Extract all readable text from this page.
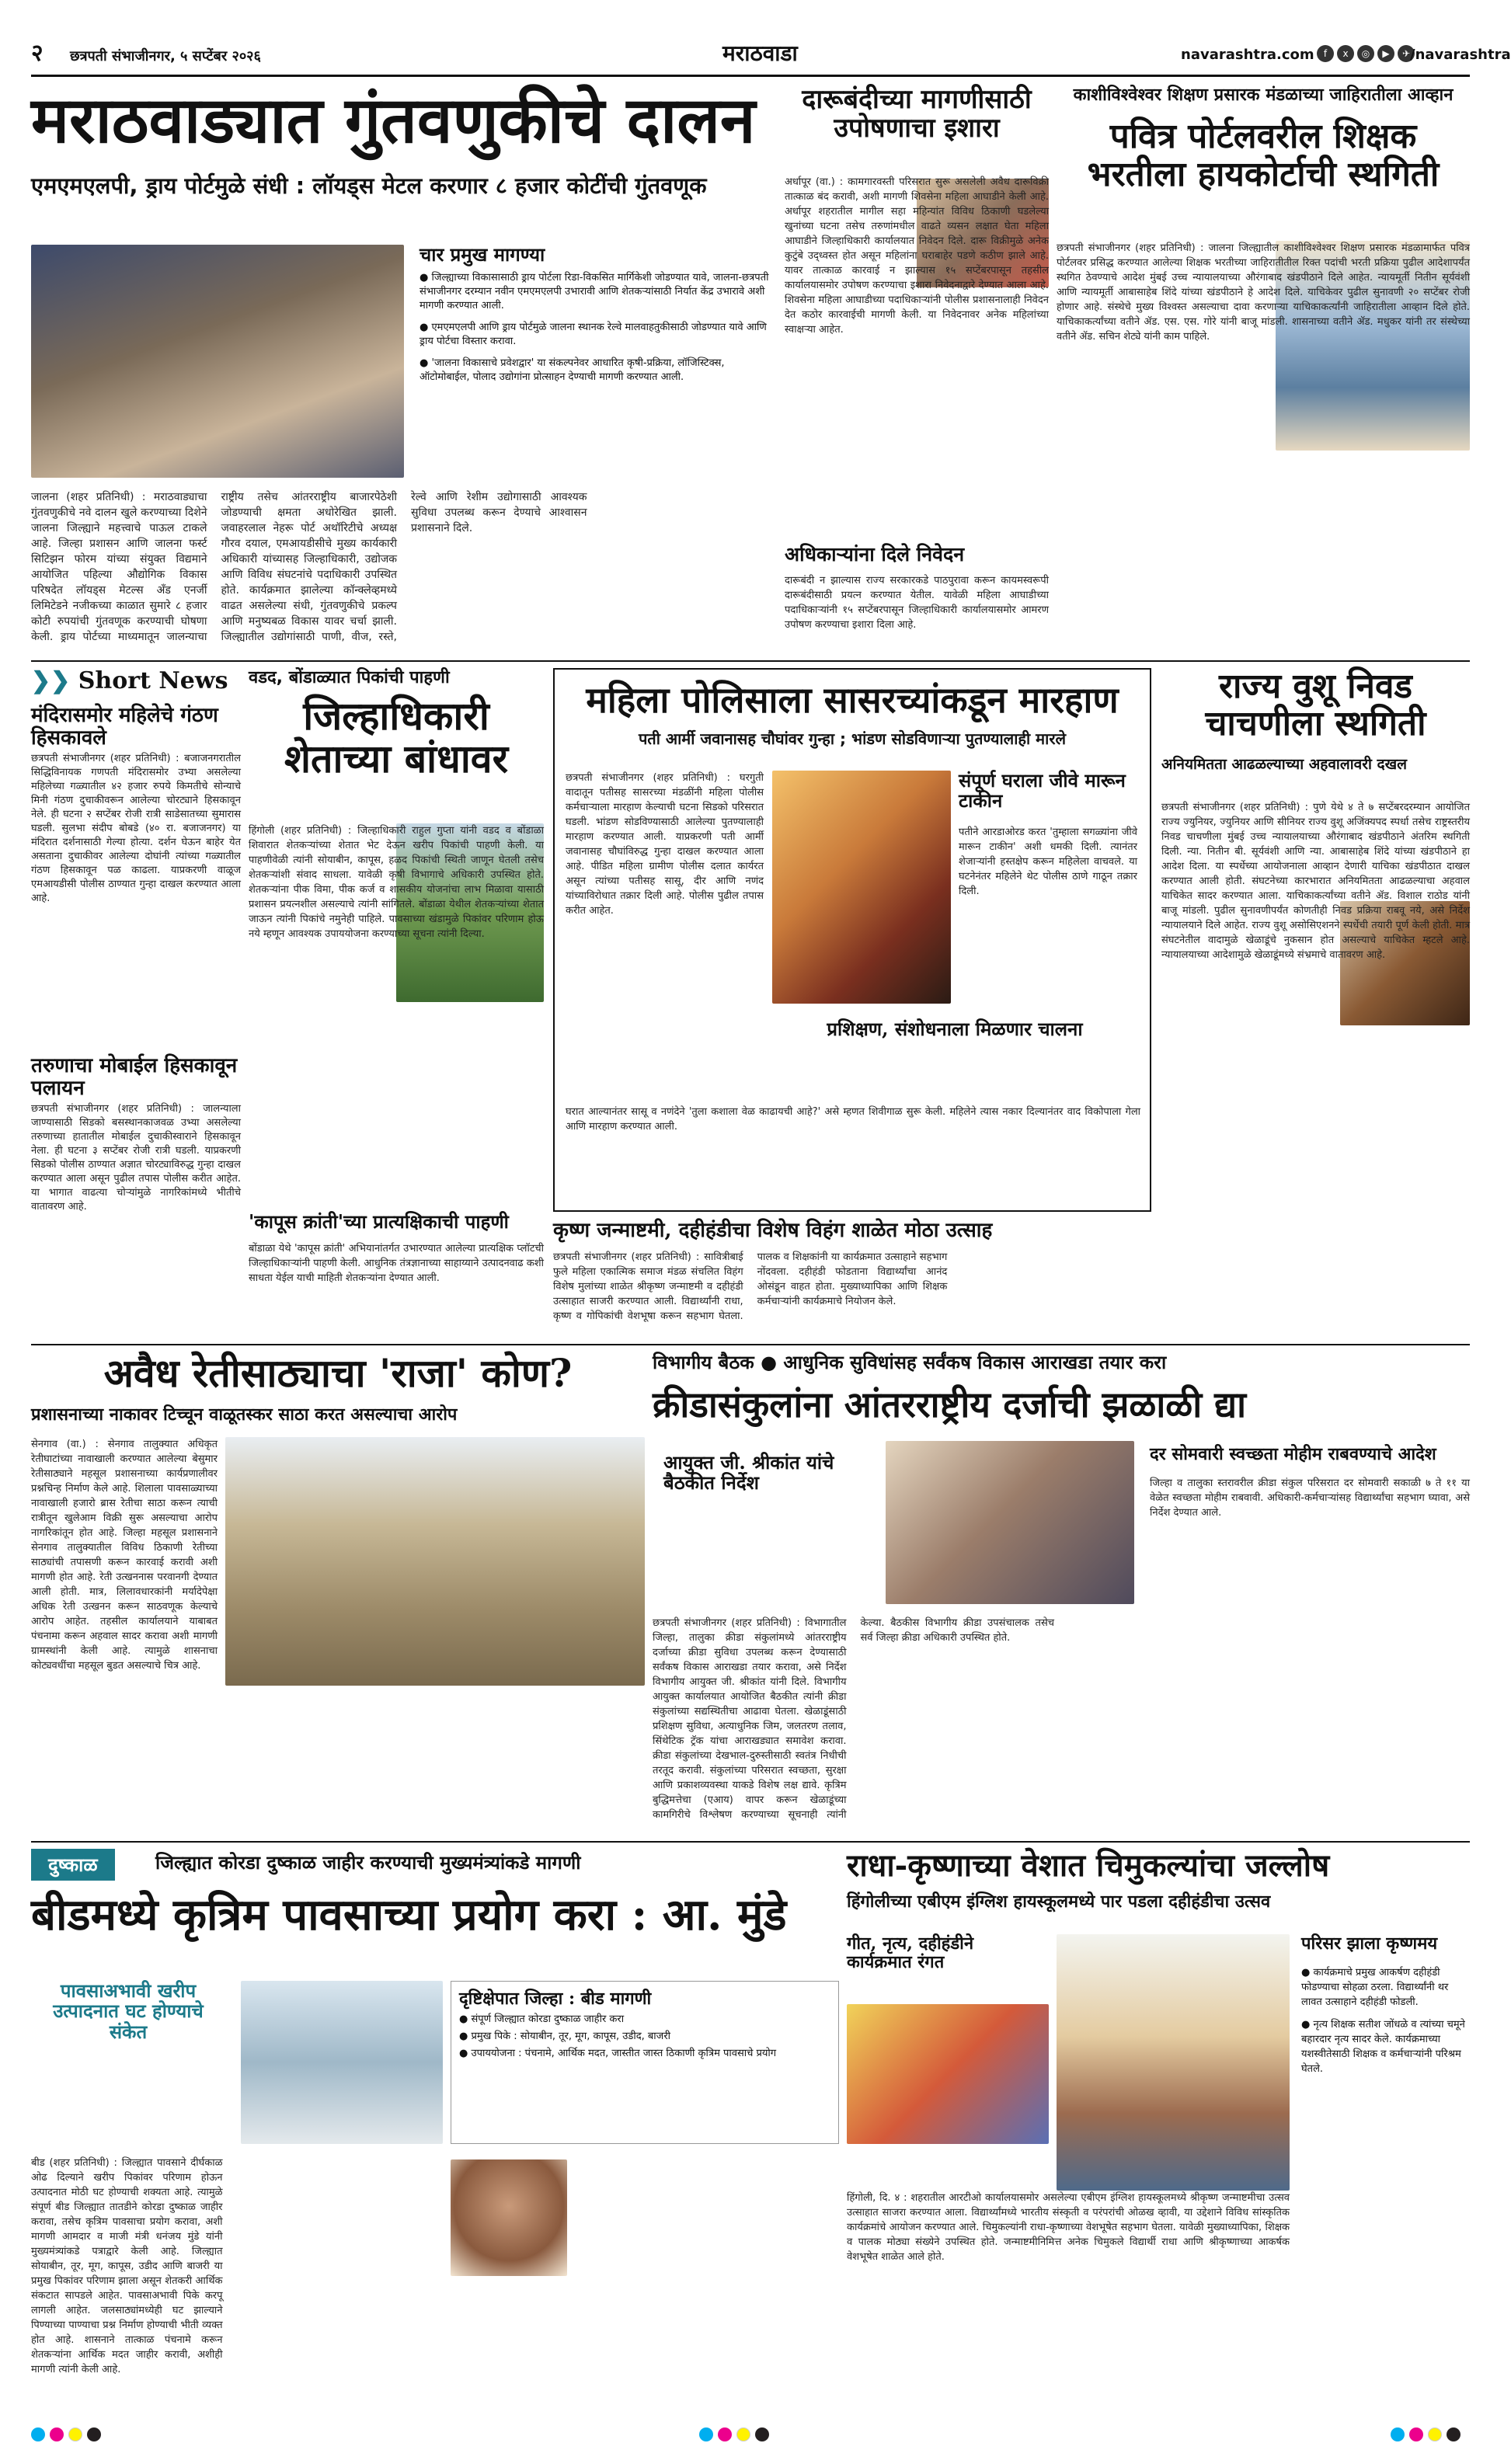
२ छत्रपती संभाजीनगर, ५ सप्टेंबर २०२६	मराठवाडा	navarashtra.com	f x ◎ ▶ ✈ /navarashtra
मराठवाड्यात गुंतवणुकीचे दालन
एमएमएलपी, ड्राय पोर्टमुळे संधी : लॉयड्स मेटल करणार ८ हजार कोटींची गुंतवणूक
चार प्रमुख मागण्या
● जिल्ह्याच्या विकासासाठी ड्राय पोर्टला रिडा-विकसित मार्गिकेशी जोडण्यात यावे, जालना-छत्रपती संभाजीनगर दरम्यान नवीन एमएमएलपी उभारावी आणि शेतकऱ्यांसाठी निर्यात केंद्र उभारावे अशी मागणी करण्यात आली.
● एमएमएलपी आणि ड्राय पोर्टमुळे जालना स्थानक रेल्वे मालवाहतुकीसाठी जोडण्यात यावे आणि ड्राय पोर्टचा विस्तार करावा.
● 'जालना विकासाचे प्रवेशद्वार' या संकल्पनेवर आधारित कृषी-प्रक्रिया, लॉजिस्टिक्स, ऑटोमोबाईल, पोलाद उद्योगांना प्रोत्साहन देण्याची मागणी करण्यात आली.
जालना (शहर प्रतिनिधी) : मराठवाड्याचा गुंतवणुकीचे नवे दालन खुले करण्याच्या दिशेने जालना जिल्ह्याने महत्त्वाचे पाऊल टाकले आहे. जिल्हा प्रशासन आणि जालना फर्स्ट सिटिझन फोरम यांच्या संयुक्त विद्यमाने आयोजित पहिल्या औद्योगिक विकास परिषदेत लॉयड्स मेटल्स अँड एनर्जी लिमिटेडने नजीकच्या काळात सुमारे ८ हजार कोटी रुपयांची गुंतवणूक करण्याची घोषणा केली. ड्राय पोर्टच्या माध्यमातून जालन्याचा राष्ट्रीय तसेच आंतरराष्ट्रीय बाजारपेठेशी जोडण्याची क्षमता अधोरेखित झाली. जवाहरलाल नेहरू पोर्ट अथॉरिटीचे अध्यक्ष गौरव दयाल, एमआयडीसीचे मुख्य कार्यकारी अधिकारी यांच्यासह जिल्हाधिकारी, उद्योजक आणि विविध संघटनांचे पदाधिकारी उपस्थित होते. कार्यक्रमात झालेल्या कॉन्क्लेव्हमध्ये वाढत असलेल्या संधी, गुंतवणुकीचे प्रकल्प आणि मनुष्यबळ विकास यावर चर्चा झाली. जिल्ह्यातील उद्योगांसाठी पाणी, वीज, रस्ते, रेल्वे आणि रेशीम उद्योगासाठी आवश्यक सुविधा उपलब्ध करून देण्याचे आश्वासन प्रशासनाने दिले.
दारूबंदीच्या मागणीसाठी उपोषणाचा इशारा
अर्धापूर (वा.) : कामगारवस्ती परिसरात सुरू असलेली अवैध दारूविक्री तात्काळ बंद करावी, अशी मागणी शिवसेना महिला आघाडीने केली आहे. अर्धापूर शहरातील मागील सहा महिन्यांत विविध ठिकाणी घडलेल्या खुनांच्या घटना तसेच तरुणांमधील वाढते व्यसन लक्षात घेता महिला आघाडीने जिल्हाधिकारी कार्यालयात निवेदन दिले. दारू विक्रीमुळे अनेक कुटुंबे उद्ध्वस्त होत असून महिलांना घराबाहेर पडणे कठीण झाले आहे. यावर तात्काळ कारवाई न झाल्यास १५ सप्टेंबरपासून तहसील कार्यालयासमोर उपोषण करण्याचा इशारा निवेदनाद्वारे देण्यात आला आहे. शिवसेना महिला आघाडीच्या पदाधिकाऱ्यांनी पोलीस प्रशासनालाही निवेदन देत कठोर कारवाईची मागणी केली. या निवेदनावर अनेक महिलांच्या स्वाक्षऱ्या आहेत.
अधिकाऱ्यांना दिले निवेदन
दारूबंदी न झाल्यास राज्य सरकारकडे पाठपुरावा करून कायमस्वरूपी दारूबंदीसाठी प्रयत्न करण्यात येतील. यावेळी महिला आघाडीच्या पदाधिकाऱ्यांनी १५ सप्टेंबरपासून जिल्हाधिकारी कार्यालयासमोर आमरण उपोषण करण्याचा इशारा दिला आहे.
काशीविश्वेश्वर शिक्षण प्रसारक मंडळाच्या जाहिरातीला आव्हान
पवित्र पोर्टलवरील शिक्षक भरतीला हायकोर्टाची स्थगिती
छत्रपती संभाजीनगर (शहर प्रतिनिधी) : जालना जिल्ह्यातील काशीविश्वेश्वर शिक्षण प्रसारक मंडळामार्फत पवित्र पोर्टलवर प्रसिद्ध करण्यात आलेल्या शिक्षक भरतीच्या जाहिरातीतील रिक्त पदांची भरती प्रक्रिया पुढील आदेशापर्यंत स्थगित ठेवण्याचे आदेश मुंबई उच्च न्यायालयाच्या औरंगाबाद खंडपीठाने दिले आहेत. न्यायमूर्ती नितीन सूर्यवंशी आणि न्यायमूर्ती आबासाहेब शिंदे यांच्या खंडपीठाने हे आदेश दिले. याचिकेवर पुढील सुनावणी २० सप्टेंबर रोजी होणार आहे. संस्थेचे मुख्य विश्वस्त असल्याचा दावा करणाऱ्या याचिकाकर्त्यांनी जाहिरातीला आव्हान दिले होते. याचिकाकर्त्यांच्या वतीने ॲड. एस. एस. गोरे यांनी बाजू मांडली. शासनाच्या वतीने ॲड. मधुकर यांनी तर संस्थेच्या वतीने ॲड. सचिन शेट्ये यांनी काम पाहिले.
❯❯ Short News
मंदिरासमोर महिलेचे गंठण हिसकावले
छत्रपती संभाजीनगर (शहर प्रतिनिधी) : बजाजनगरातील सिद्धिविनायक गणपती मंदिरासमोर उभ्या असलेल्या महिलेच्या गळ्यातील ४२ हजार रुपये किमतीचे सोन्याचे मिनी गंठण दुचाकीवरून आलेल्या चोरट्याने हिसकावून नेले. ही घटना २ सप्टेंबर रोजी रात्री साडेसातच्या सुमारास घडली. सुलभा संदीप बोबडे (४० रा. बजाजनगर) या मंदिरात दर्शनासाठी गेल्या होत्या. दर्शन घेऊन बाहेर येत असताना दुचाकीवर आलेल्या दोघांनी त्यांच्या गळ्यातील गंठण हिसकावून पळ काढला. याप्रकरणी वाळूज एमआयडीसी पोलीस ठाण्यात गुन्हा दाखल करण्यात आला आहे.
तरुणाचा मोबाईल हिसकावून पलायन
छत्रपती संभाजीनगर (शहर प्रतिनिधी) : जालन्याला जाण्यासाठी सिडको बसस्थानकाजवळ उभ्या असलेल्या तरुणाच्या हातातील मोबाईल दुचाकीस्वाराने हिसकावून नेला. ही घटना ३ सप्टेंबर रोजी रात्री घडली. याप्रकरणी सिडको पोलीस ठाण्यात अज्ञात चोरट्याविरुद्ध गुन्हा दाखल करण्यात आला असून पुढील तपास पोलीस करीत आहेत. या भागात वाढत्या चोऱ्यांमुळे नागरिकांमध्ये भीतीचे वातावरण आहे.
वडद, बोंडाळ्यात पिकांची पाहणी
जिल्हाधिकारी शेताच्या बांधावर
हिंगोली (शहर प्रतिनिधी) : जिल्हाधिकारी राहुल गुप्ता यांनी वडद व बोंडाळा शिवारात शेतकऱ्यांच्या शेतात भेट देऊन खरीप पिकांची पाहणी केली. या पाहणीवेळी त्यांनी सोयाबीन, कापूस, हळद पिकांची स्थिती जाणून घेतली तसेच शेतकऱ्यांशी संवाद साधला. यावेळी कृषी विभागाचे अधिकारी उपस्थित होते. शेतकऱ्यांना पीक विमा, पीक कर्ज व शासकीय योजनांचा लाभ मिळावा यासाठी प्रशासन प्रयत्नशील असल्याचे त्यांनी सांगितले. बोंडाळा येथील शेतकऱ्यांच्या शेतात जाऊन त्यांनी पिकांचे नमुनेही पाहिले. पावसाच्या खंडामुळे पिकांवर परिणाम होऊ नये म्हणून आवश्यक उपाययोजना करण्याच्या सूचना त्यांनी दिल्या.
'कापूस क्रांती'च्या प्रात्यक्षिकाची पाहणी
बोंडाळा येथे 'कापूस क्रांती' अभियानांतर्गत उभारण्यात आलेल्या प्रात्यक्षिक प्लॉटची जिल्हाधिकाऱ्यांनी पाहणी केली. आधुनिक तंत्रज्ञानाच्या साहाय्याने उत्पादनवाढ कशी साधता येईल याची माहिती शेतकऱ्यांना देण्यात आली.
महिला पोलिसाला सासरच्यांकडून मारहाण
पती आर्मी जवानासह चौघांवर गुन्हा ; भांडण सोडविणाऱ्या पुतण्यालाही मारले
छत्रपती संभाजीनगर (शहर प्रतिनिधी) : घरगुती वादातून पतीसह सासरच्या मंडळींनी महिला पोलीस कर्मचाऱ्याला मारहाण केल्याची घटना सिडको परिसरात घडली. भांडण सोडविण्यासाठी आलेल्या पुतण्यालाही मारहाण करण्यात आली. याप्रकरणी पती आर्मी जवानासह चौघांविरुद्ध गुन्हा दाखल करण्यात आला आहे. पीडित महिला ग्रामीण पोलीस दलात कार्यरत असून त्यांच्या पतीसह सासू, दीर आणि नणंद यांच्याविरोधात तक्रार दिली आहे. पोलीस पुढील तपास करीत आहेत.
संपूर्ण घराला जीवे मारून टाकीन
पतीने आरडाओरड करत 'तुम्हाला सगळ्यांना जीवे मारून टाकीन' अशी धमकी दिली. त्यानंतर शेजाऱ्यांनी हस्तक्षेप करून महिलेला वाचवले. या घटनेनंतर महिलेने थेट पोलीस ठाणे गाठून तक्रार दिली.
प्रशिक्षण, संशोधनाला मिळणार चालना
घरात आल्यानंतर सासू व नणंदेने 'तुला कशाला वेळ काढायची आहे?' असे म्हणत शिवीगाळ सुरू केली. महिलेने त्यास नकार दिल्यानंतर वाद विकोपाला गेला आणि मारहाण करण्यात आली.
राज्य वुशू निवड चाचणीला स्थगिती
अनियमितता आढळल्याच्या अहवालावरी दखल
छत्रपती संभाजीनगर (शहर प्रतिनिधी) : पुणे येथे ४ ते ७ सप्टेंबरदरम्यान आयोजित राज्य ज्युनियर, ज्युनियर आणि सीनियर राज्य वुशू अजिंक्यपद स्पर्धा तसेच राष्ट्रस्तरीय निवड चाचणीला मुंबई उच्च न्यायालयाच्या औरंगाबाद खंडपीठाने अंतरिम स्थगिती दिली. न्या. नितीन बी. सूर्यवंशी आणि न्या. आबासाहेब शिंदे यांच्या खंडपीठाने हा आदेश दिला. या स्पर्धेच्या आयोजनाला आव्हान देणारी याचिका खंडपीठात दाखल करण्यात आली होती. संघटनेच्या कारभारात अनियमितता आढळल्याचा अहवाल याचिकेत सादर करण्यात आला. याचिकाकर्त्यांच्या वतीने ॲड. विशाल राठोड यांनी बाजू मांडली. पुढील सुनावणीपर्यंत कोणतीही निवड प्रक्रिया राबवू नये, असे निर्देश न्यायालयाने दिले आहेत. राज्य वुशू असोसिएशनने स्पर्धेची तयारी पूर्ण केली होती. मात्र संघटनेतील वादामुळे खेळाडूंचे नुकसान होत असल्याचे याचिकेत म्हटले आहे. न्यायालयाच्या आदेशामुळे खेळाडूंमध्ये संभ्रमाचे वातावरण आहे.
कृष्ण जन्माष्टमी, दहीहंडीचा विशेष विहंग शाळेत मोठा उत्साह
छत्रपती संभाजीनगर (शहर प्रतिनिधी) : सावित्रीबाई फुले महिला एकात्मिक समाज मंडळ संचलित विहंग विशेष मुलांच्या शाळेत श्रीकृष्ण जन्माष्टमी व दहीहंडी उत्साहात साजरी करण्यात आली. विद्यार्थ्यांनी राधा, कृष्ण व गोपिकांची वेशभूषा करून सहभाग घेतला. पालक व शिक्षकांनी या कार्यक्रमात उत्साहाने सहभाग नोंदवला. दहीहंडी फोडताना विद्यार्थ्यांचा आनंद ओसंडून वाहत होता. मुख्याध्यापिका आणि शिक्षक कर्मचाऱ्यांनी कार्यक्रमाचे नियोजन केले.
अवैध रेतीसाठ्याचा 'राजा' कोण?
प्रशासनाच्या नाकावर टिच्चून वाळूतस्कर साठा करत असल्याचा आरोप
सेनगाव (वा.) : सेनगाव तालुक्यात अधिकृत रेतीघाटांच्या नावाखाली करण्यात आलेल्या बेसुमार रेतीसाठ्याने महसूल प्रशासनाच्या कार्यप्रणालीवर प्रश्नचिन्ह निर्माण केले आहे. शिलाला पावसाळ्याच्या नावाखाली हजारो ब्रास रेतीचा साठा करून त्याची रात्रीतून खुलेआम विक्री सुरू असल्याचा आरोप नागरिकांतून होत आहे. जिल्हा महसूल प्रशासनाने सेनगाव तालुक्यातील विविध ठिकाणी रेतीच्या साठ्यांची तपासणी करून कारवाई करावी अशी मागणी होत आहे. रेती उत्खननास परवानगी देण्यात आली होती. मात्र, लिलावधारकांनी मर्यादेपेक्षा अधिक रेती उत्खनन करून साठवणूक केल्याचे आरोप आहेत. तहसील कार्यालयाने याबाबत पंचनामा करून अहवाल सादर करावा अशी मागणी ग्रामस्थांनी केली आहे. त्यामुळे शासनाचा कोट्यवधींचा महसूल बुडत असल्याचे चित्र आहे.
विभागीय बैठक ● आधुनिक सुविधांसह सर्वंकष विकास आराखडा तयार करा
क्रीडासंकुलांना आंतरराष्ट्रीय दर्जाची झळाळी द्या
आयुक्त जी. श्रीकांत यांचे बैठकीत निर्देश
दर सोमवारी स्वच्छता मोहीम राबवण्याचे आदेश
जिल्हा व तालुका स्तरावरील क्रीडा संकुल परिसरात दर सोमवारी सकाळी ७ ते ११ या वेळेत स्वच्छता मोहीम राबवावी. अधिकारी-कर्मचाऱ्यांसह विद्यार्थ्यांचा सहभाग घ्यावा, असे निर्देश देण्यात आले.
छत्रपती संभाजीनगर (शहर प्रतिनिधी) : विभागातील जिल्हा, तालुका क्रीडा संकुलांमध्ये आंतरराष्ट्रीय दर्जाच्या क्रीडा सुविधा उपलब्ध करून देण्यासाठी सर्वंकष विकास आराखडा तयार करावा, असे निर्देश विभागीय आयुक्त जी. श्रीकांत यांनी दिले. विभागीय आयुक्त कार्यालयात आयोजित बैठकीत त्यांनी क्रीडा संकुलांच्या सद्यस्थितीचा आढावा घेतला. खेळाडूंसाठी प्रशिक्षण सुविधा, अत्याधुनिक जिम, जलतरण तलाव, सिंथेटिक ट्रॅक यांचा आराखड्यात समावेश करावा. क्रीडा संकुलांच्या देखभाल-दुरुस्तीसाठी स्वतंत्र निधीची तरतूद करावी. संकुलांच्या परिसरात स्वच्छता, सुरक्षा आणि प्रकाशव्यवस्था याकडे विशेष लक्ष द्यावे. कृत्रिम बुद्धिमत्तेचा (एआय) वापर करून खेळाडूंच्या कामगिरीचे विश्लेषण करण्याच्या सूचनाही त्यांनी केल्या. बैठकीस विभागीय क्रीडा उपसंचालक तसेच सर्व जिल्हा क्रीडा अधिकारी उपस्थित होते.
दुष्काळ	जिल्ह्यात कोरडा दुष्काळ जाहीर करण्याची मुख्यमंत्र्यांकडे मागणी
बीडमध्ये कृत्रिम पावसाच्या प्रयोग करा : आ. मुंडे
पावसाअभावी खरीप उत्पादनात घट होण्याचे संकेत
दृष्टिक्षेपात जिल्हा : बीड मागणी
● संपूर्ण जिल्ह्यात कोरडा दुष्काळ जाहीर करा
● प्रमुख पिके : सोयाबीन, तूर, मूग, कापूस, उडीद, बाजरी
● उपाययोजना : पंचनामे, आर्थिक मदत, जास्तीत जास्त ठिकाणी कृत्रिम पावसाचे प्रयोग
बीड (शहर प्रतिनिधी) : जिल्ह्यात पावसाने दीर्घकाळ ओढ दिल्याने खरीप पिकांवर परिणाम होऊन उत्पादनात मोठी घट होण्याची शक्यता आहे. त्यामुळे संपूर्ण बीड जिल्ह्यात तातडीने कोरडा दुष्काळ जाहीर करावा, तसेच कृत्रिम पावसाचा प्रयोग करावा, अशी मागणी आमदार व माजी मंत्री धनंजय मुंडे यांनी मुख्यमंत्र्यांकडे पत्राद्वारे केली आहे. जिल्ह्यात सोयाबीन, तूर, मूग, कापूस, उडीद आणि बाजरी या प्रमुख पिकांवर परिणाम झाला असून शेतकरी आर्थिक संकटात सापडले आहेत. पावसाअभावी पिके करपू लागली आहेत. जलसाठ्यांमध्येही घट झाल्याने पिण्याच्या पाण्याचा प्रश्न निर्माण होण्याची भीती व्यक्त होत आहे. शासनाने तात्काळ पंचनामे करून शेतकऱ्यांना आर्थिक मदत जाहीर करावी, अशीही मागणी त्यांनी केली आहे.
राधा-कृष्णाच्या वेशात चिमुकल्यांचा जल्लोष
हिंगोलीच्या एबीएम इंग्लिश हायस्कूलमध्ये पार पडला दहीहंडीचा उत्सव
गीत, नृत्य, दहीहंडीने कार्यक्रमात रंगत
हिंगोली, दि. ४ : शहरातील आरटीओ कार्यालयासमोर असलेल्या एबीएम इंग्लिश हायस्कूलमध्ये श्रीकृष्ण जन्माष्टमीचा उत्सव उत्साहात साजरा करण्यात आला. विद्यार्थ्यांमध्ये भारतीय संस्कृती व परंपरांची ओळख व्हावी, या उद्देशाने विविध सांस्कृतिक कार्यक्रमांचे आयोजन करण्यात आले. चिमुकल्यांनी राधा-कृष्णाच्या वेशभूषेत सहभाग घेतला. यावेळी मुख्याध्यापिका, शिक्षक व पालक मोठ्या संख्येने उपस्थित होते. जन्माष्टमीनिमित्त अनेक चिमुकले विद्यार्थी राधा आणि श्रीकृष्णाच्या आकर्षक वेशभूषेत शाळेत आले होते.
परिसर झाला कृष्णमय
● कार्यक्रमाचे प्रमुख आकर्षण दहीहंडी फोडण्याचा सोहळा ठरला. विद्यार्थ्यांनी थर लावत उत्साहाने दहीहंडी फोडली.
● नृत्य शिक्षक सतीश जोंधळे व त्यांच्या चमूने बहारदार नृत्य सादर केले. कार्यक्रमाच्या यशस्वीतेसाठी शिक्षक व कर्मचाऱ्यांनी परिश्रम घेतले.
